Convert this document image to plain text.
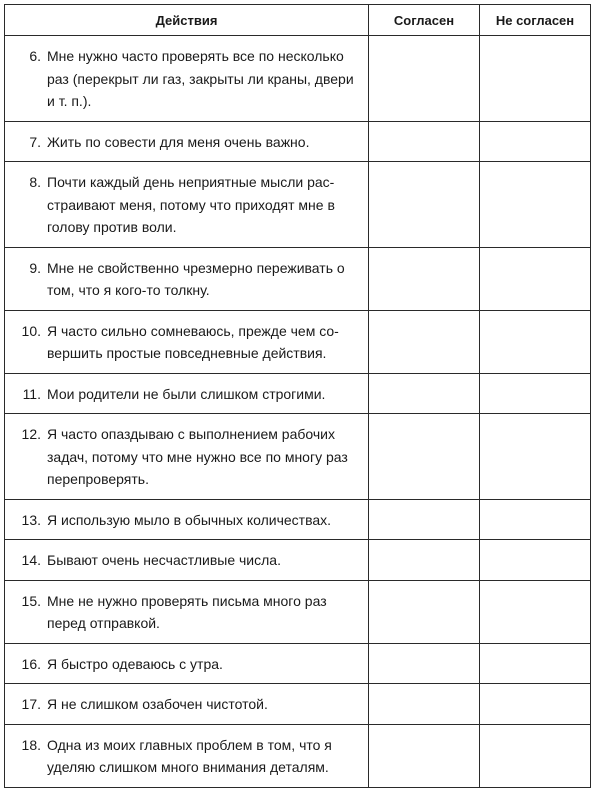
Действия	Согласен	Не согласен

6. Мне нужно часто проверять все по несколько раз (перекрыт ли газ, закрыты ли краны, двери и т. п.).		

7. Жить по совести для меня очень важно.		

8. Почти каждый день неприятные мысли расстраивают меня, потому что приходят мне в голову против воли.		

9. Мне не свойственно чрезмерно переживать о том, что я кого-то толкну.		

10. Я часто сильно сомневаюсь, прежде чем совершить простые повседневные действия.		

11. Мои родители не были слишком строгими.		

12. Я часто опаздываю с выполнением рабочих задач, потому что мне нужно все по многу раз перепроверять.		

13. Я использую мыло в обычных количествах.		

14. Бывают очень несчастливые числа.		

15. Мне не нужно проверять письма много раз перед отправкой.		

16. Я быстро одеваюсь с утра.		

17. Я не слишком озабочен чистотой.		

18. Одна из моих главных проблем в том, что я уделяю слишком много внимания деталям.		
